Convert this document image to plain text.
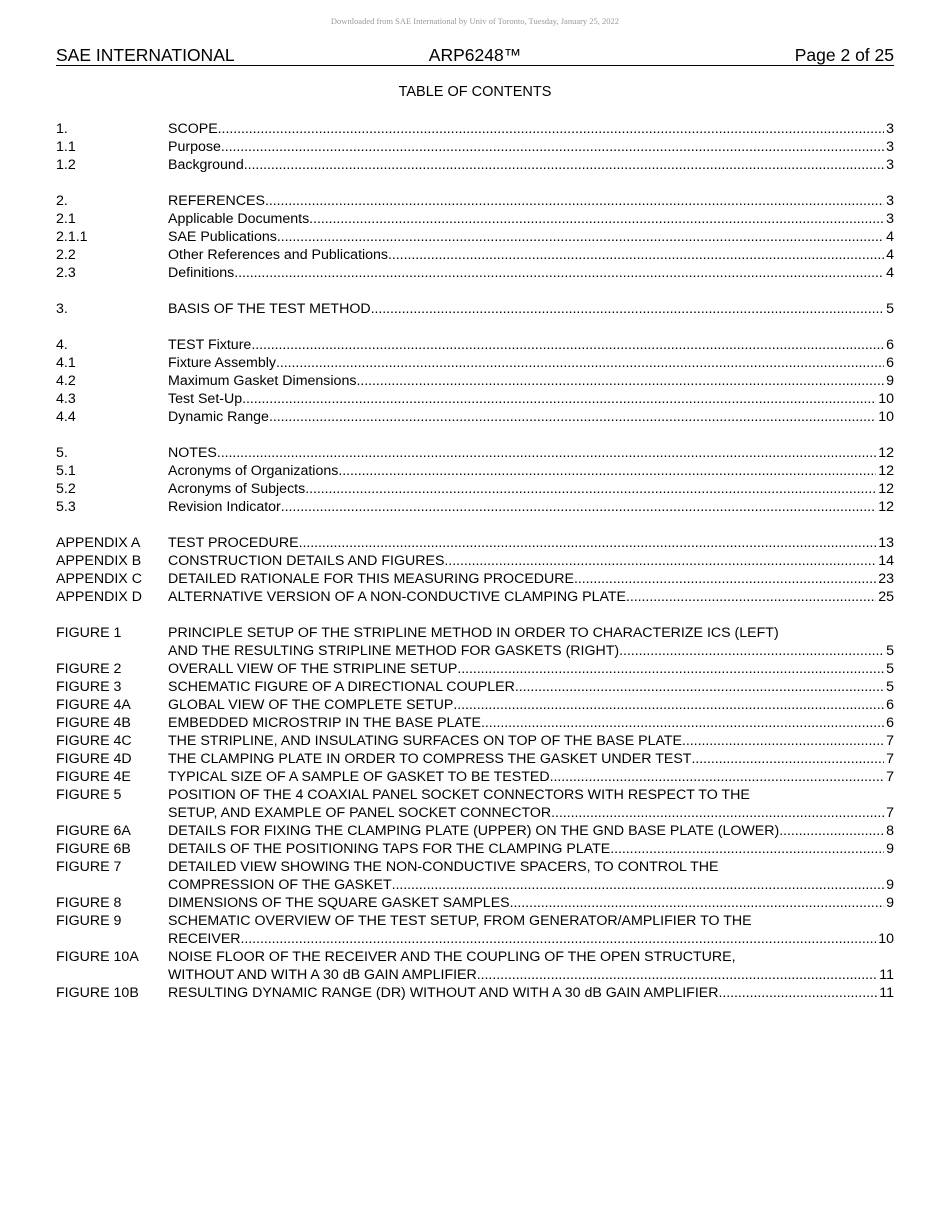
Downloaded from SAE International by Univ of Toronto, Tuesday, January 25, 2022
SAE INTERNATIONAL	ARP6248™	Page 2 of 25
TABLE OF CONTENTS
1.	SCOPE . . .	3
1.1	Purpose . . .	3
1.2	Background . . .	3
2.	REFERENCES . . .	3
2.1	Applicable Documents . . .	3
2.1.1	SAE Publications . . .	4
2.2	Other References and Publications . . .	4
2.3	Definitions . . .	4
3.	BASIS OF THE TEST METHOD . . .	5
4.	TEST Fixture . . .	6
4.1	Fixture Assembly . . .	6
4.2	Maximum Gasket Dimensions . . .	9
4.3	Test Set-Up . . .	10
4.4	Dynamic Range . . .	10
5.	NOTES . . .	12
5.1	Acronyms of Organizations . . .	12
5.2	Acronyms of Subjects . . .	12
5.3	Revision Indicator . . .	12
APPENDIX A TEST PROCEDURE . . .	13
APPENDIX B CONSTRUCTION DETAILS AND FIGURES . . .	14
APPENDIX C DETAILED RATIONALE FOR THIS MEASURING PROCEDURE . . .	23
APPENDIX D ALTERNATIVE VERSION OF A NON-CONDUCTIVE CLAMPING PLATE . . .	25
FIGURE 1	PRINCIPLE SETUP OF THE STRIPLINE METHOD IN ORDER TO CHARACTERIZE ICS (LEFT)
AND THE RESULTING STRIPLINE METHOD FOR GASKETS (RIGHT) . . .	5
FIGURE 2	OVERALL VIEW OF THE STRIPLINE SETUP . . .	5
FIGURE 3	SCHEMATIC FIGURE OF A DIRECTIONAL COUPLER . . .	5
FIGURE 4A	GLOBAL VIEW OF THE COMPLETE SETUP . . .	6
FIGURE 4B	EMBEDDED MICROSTRIP IN THE BASE PLATE . . .	6
FIGURE 4C	THE STRIPLINE, AND INSULATING SURFACES ON TOP OF THE BASE PLATE . . .	7
FIGURE 4D	THE CLAMPING PLATE IN ORDER TO COMPRESS THE GASKET UNDER TEST . . .	7
FIGURE 4E	TYPICAL SIZE OF A SAMPLE OF GASKET TO BE TESTED . . .	7
FIGURE 5	POSITION OF THE 4 COAXIAL PANEL SOCKET CONNECTORS WITH RESPECT TO THE
SETUP, AND EXAMPLE OF PANEL SOCKET CONNECTOR . . .	7
FIGURE 6A	DETAILS FOR FIXING THE CLAMPING PLATE (UPPER) ON THE GND BASE PLATE (LOWER) . . .	8
FIGURE 6B	DETAILS OF THE POSITIONING TAPS FOR THE CLAMPING PLATE . . .	9
FIGURE 7	DETAILED VIEW SHOWING THE NON-CONDUCTIVE SPACERS, TO CONTROL THE
COMPRESSION OF THE GASKET . . .	9
FIGURE 8	DIMENSIONS OF THE SQUARE GASKET SAMPLES . . .	9
FIGURE 9	SCHEMATIC OVERVIEW OF THE TEST SETUP, FROM GENERATOR/AMPLIFIER TO THE
RECEIVER . . .	10
FIGURE 10A NOISE FLOOR OF THE RECEIVER AND THE COUPLING OF THE OPEN STRUCTURE,
WITHOUT AND WITH A 30 dB GAIN AMPLIFIER . . .	11
FIGURE 10B RESULTING DYNAMIC RANGE (DR) WITHOUT AND WITH A 30 dB GAIN AMPLIFIER . . .	11
